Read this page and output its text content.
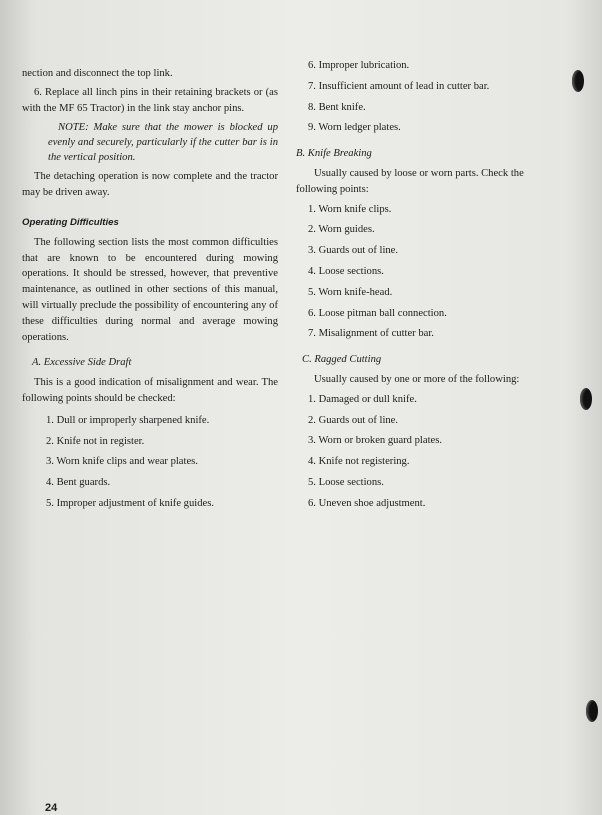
nection and disconnect the top link.

6. Replace all linch pins in their retaining brackets or (as with the MF 65 Tractor) in the link stay anchor pins.

NOTE: Make sure that the mower is blocked up evenly and securely, particularly if the cutter bar is in the vertical position.

The detaching operation is now complete and the tractor may be driven away.

Operating Difficulties

The following section lists the most common difficulties that are known to be encountered during mowing operations. It should be stressed, however, that preventive maintenance, as outlined in other sections of this manual, will virtually preclude the possibility of encountering any of these difficulties during normal and average mowing operations.

A. Excessive Side Draft

This is a good indication of misalignment and wear. The following points should be checked:

1. Dull or improperly sharpened knife.
2. Knife not in register.
3. Worn knife clips and wear plates.
4. Bent guards.
5. Improper adjustment of knife guides.
6. Improper lubrication.
7. Insufficient amount of lead in cutter bar.
8. Bent knife.
9. Worn ledger plates.

B. Knife Breaking

Usually caused by loose or worn parts. Check the following points:

1. Worn knife clips.
2. Worn guides.
3. Guards out of line.
4. Loose sections.
5. Worn knife-head.
6. Loose pitman ball connection.
7. Misalignment of cutter bar.

C. Ragged Cutting

Usually caused by one or more of the following:

1. Damaged or dull knife.
2. Guards out of line.
3. Worn or broken guard plates.
4. Knife not registering.
5. Loose sections.
6. Uneven shoe adjustment.
24
